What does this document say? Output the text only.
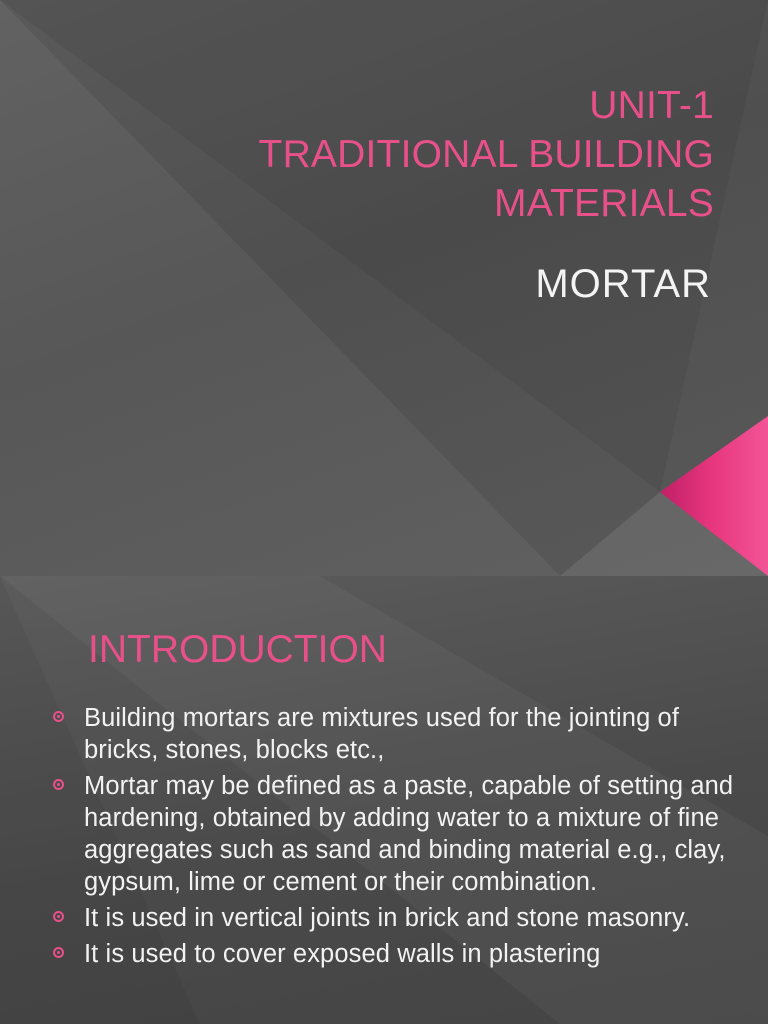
UNIT-1
TRADITIONAL BUILDING
MATERIALS
MORTAR
INTRODUCTION
Building mortars are mixtures used for the jointing of bricks, stones, blocks etc.,
Mortar may be defined as a paste, capable of setting and hardening, obtained by adding water to a mixture of fine aggregates such as sand and binding material e.g., clay, gypsum, lime or cement or their combination.
It is used in vertical joints in brick and stone masonry.
It is used to cover exposed walls in plastering
